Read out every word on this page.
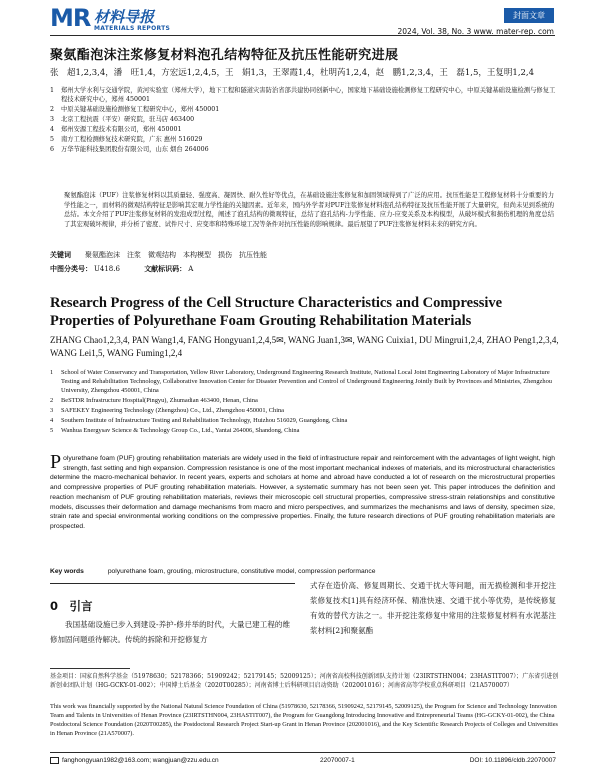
MR 材料导报
MATERIALS REPORTS
封面文章
2024, Vol. 38, No. 3 www. mater-rep. com
聚氨酯泡沫注浆修复材料泡孔结构特征及抗压性能研究进展
张　超1,2,3,4，潘　旺1,4，方宏远1,2,4,5，王　娟1,3，王翠霞1,4，杜明芮1,2,4，赵　鹏1,2,3,4，王　磊1,5，王复明1,2,4
1	郑州大学水利与交通学院，黄河实验室（郑州大学），地下工程和隧道灾害防治省部共建协同创新中心，国家地下基础设施检测修复工程研究中心，中原关键基础设施检测与修复工程技术研究中心，郑州 450001
2	中原关键基础设施检测修复工程研究中心，郑州 450001
3	北京工程抗震（平安）研究院，驻马店 463400
4	郑州安源工程技术有限公司，郑州 450001
5	南方工程检测修复技术研究院，广东 惠州 516029
6	万华节能科技集团股份有限公司，山东 烟台 264006
聚氨酯泡沫（PUF）注浆修复材料以其质量轻、强度高、凝固快、耐久性好等优点，在基础设施注浆修复和加固领域得到了广泛的应用。抗压性能是工程修复材料十分重要的力学性能之一，而材料的微观结构特征是影响其宏观力学性能的关键因素。近年来，国内外学者对PUF注浆修复材料泡孔结构特征及抗压性能开展了大量研究，但尚未见到系统的总结。本文介绍了PUF注浆修复材料的发泡成型过程，阐述了泡孔结构的微观特征，总结了泡孔结构-力学性能、应力-应变关系及本构模型，从破坏模式和损伤机理的角度总结了其宏观破坏规律，并分析了密度、试件尺寸、应变率和特殊环境工况等条件对抗压性能的影响规律。最后展望了PUF注浆修复材料未来的研究方向。
关键词 聚氨酯泡沫　注浆　微观结构　本构模型　损伤　抗压性能
中图分类号： U418.6	文献标识码： A
Research Progress of the Cell Structure Characteristics and Compressive Properties of Polyurethane Foam Grouting Rehabilitation Materials
ZHANG Chao1,2,3,4, PAN Wang1,4, FANG Hongyuan1,2,4,5✉, WANG Juan1,3✉, WANG Cuixia1, DU Mingrui1,2,4, ZHAO Peng1,2,3,4, WANG Lei1,5, WANG Fuming1,2,4
1	School of Water Conservancy and Transportation, Yellow River Laboratory, Underground Engineering Research Institute, National Local Joint Engineering Laboratory of Major Infrastructure Testing and Rehabilitation Technology, Collaborative Innovation Center for Disaster Prevention and Control of Underground Engineering Jointly Built by Provinces and Ministries, Zhengzhou University, Zhengzhou 450001, China
2	BeSTDR Infrastructure Hospital(Pingyu), Zhumadian 463400, Henan, China
3	SAFEKEY Engineering Technology (Zhengzhou) Co., Ltd., Zhengzhou 450001, China
4	Southern Institute of Infrastructure Testing and Rehabilitation Technology, Huizhou 516029, Guangdong, China
5	Wanhua Energysav Science & Technology Group Co., Ltd., Yantai 264006, Shandong, China
Polyurethane foam (PUF) grouting rehabilitation materials are widely used in the field of infrastructure repair and reinforcement with the advantages of light weight, high strength, fast setting and high expansion. Compression resistance is one of the most important mechanical indexes of materials, and its microstructural characteristics determine the macro-mechanical behavior. In recent years, experts and scholars at home and abroad have conducted a lot of research on the microstructural properties and compressive properties of PUF grouting rehabilitation materials. However, a systematic summary has not been seen yet. This paper introduces the definition and reaction mechanism of PUF grouting rehabilitation materials, reviews their microscopic cell structural properties, compressive stress-strain relationships and constitutive models, discusses their deformation and damage mechanisms from macro and micro perspectives, and summarizes the mechanisms and laws of density, specimen size, strain rate and special environmental working conditions on the compressive properties. Finally, the future research directions of PUF grouting rehabilitation materials are prospected.
Key words	polyurethane foam, grouting, microstructure, constitutive model, compression performance
0　引言
我国基础设施已步入到建设-养护-修并举的时代，大量已建工程的维修加固问题亟待解决。传统的拆除和开挖修复方
式存在造价高、修复周期长、交通干扰大等问题，而无损检测和非开挖注浆修复技术[1]具有经济环保、精准快速、交通干扰小等优势，是传统修复有效的替代方法之一。非开挖注浆修复中常用的注浆修复材料有水泥基注浆材料[2]和聚氨酯
基金项目：国家自然科学基金（51978630；52178366；51909242；52179145；52009125）；河南省高校科技创新团队支持计划（23IRTSTHN004；23HASTIT007）；广东省引进创新创业团队计划（HG-GCKY-01-002）；中国博士后基金（2020T00285）；河南省博士后科研项目启动资助（202001016）；河南省高等学校重点科研项目（21A570007）
This work was financially supported by the National Natural Science Foundation of China (51978630, 52178366, 51909242, 52179145, 52009125), the Program for Science and Technology Innovation Team and Talents in Universities of Henan Province (23IRTSTHN004, 23HASTIT007), the Program for Guangdong Introducing Innovative and Entrepreneurial Teams (HG-GCKY-01-002), the China Postdoctoral Science Foundation (2020T00285), the Postdoctoral Research Project Start-up Grant in Henan Province (202001016), and the Key Scientific Research Projects of Colleges and Universities in Henan Province (21A570007).
fanghongyuan1982@163.com; wangjuan@zzu.edu.cn	22070007-1	DOI: 10.11896/cldb.22070007
